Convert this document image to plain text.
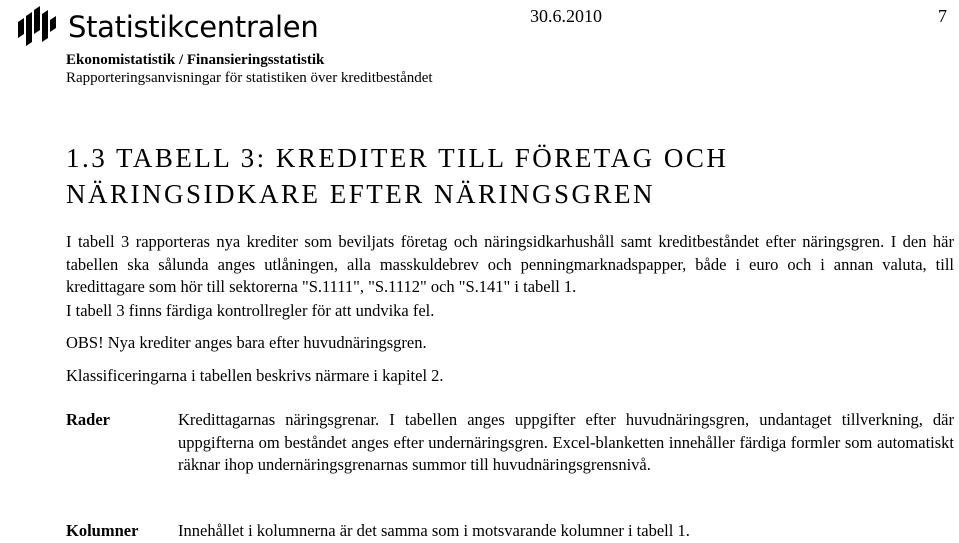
Statistikcentralen	30.6.2010	7
Ekonomistatistik / Finansieringsstatistik
Rapporteringsanvisningar för statistiken över kreditbeståndet
1.3 TABELL 3: KREDITER TILL FÖRETAG OCH
NÄRINGSIDKARE EFTER NÄRINGSGREN
I tabell 3 rapporteras nya krediter som beviljats företag och näringsidkarhushåll samt kreditbeståndet efter näringsgren. I den här tabellen ska sålunda anges utlåningen, alla masskuldebrev och penningmarknadspapper, både i euro och i annan valuta, till kredittagare som hör till sektorerna "S.1111", "S.1112" och "S.141" i tabell 1.
I tabell 3 finns färdiga kontrollregler för att undvika fel.
OBS! Nya krediter anges bara efter huvudnäringsgren.
Klassificeringarna i tabellen beskrivs närmare i kapitel 2.
Rader	Kredittagarnas näringsgrenar. I tabellen anges uppgifter efter huvudnäringsgren, undantaget tillverkning, där uppgifterna om beståndet anges efter undernäringsgren. Excel-blanketten innehåller färdiga formler som automatiskt räknar ihop undernäringsgrenarnas summor till huvudnäringsgrensnivå.
Kolumner Innehållet i kolumnerna är det samma som i motsvarande kolumner i tabell 1.
